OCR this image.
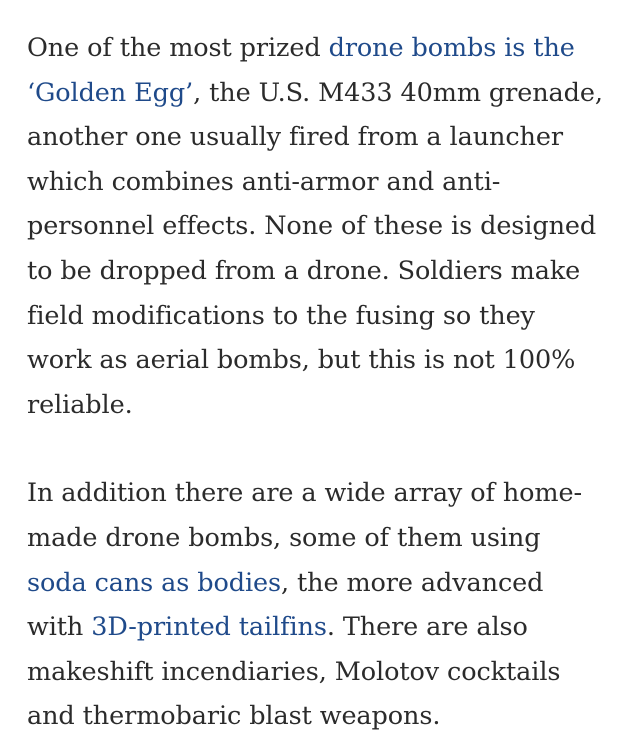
One of the most prized drone bombs is the
‘Golden Egg’, the U.S. M433 40mm grenade,
another one usually fired from a launcher
which combines anti-armor and anti-
personnel effects. None of these is designed
to be dropped from a drone. Soldiers make
field modifications to the fusing so they
work as aerial bombs, but this is not 100%
reliable.

In addition there are a wide array of home-
made drone bombs, some of them using
soda cans as bodies, the more advanced
with 3D-printed tailfins. There are also
makeshift incendiaries, Molotov cocktails
and thermobaric blast weapons.
